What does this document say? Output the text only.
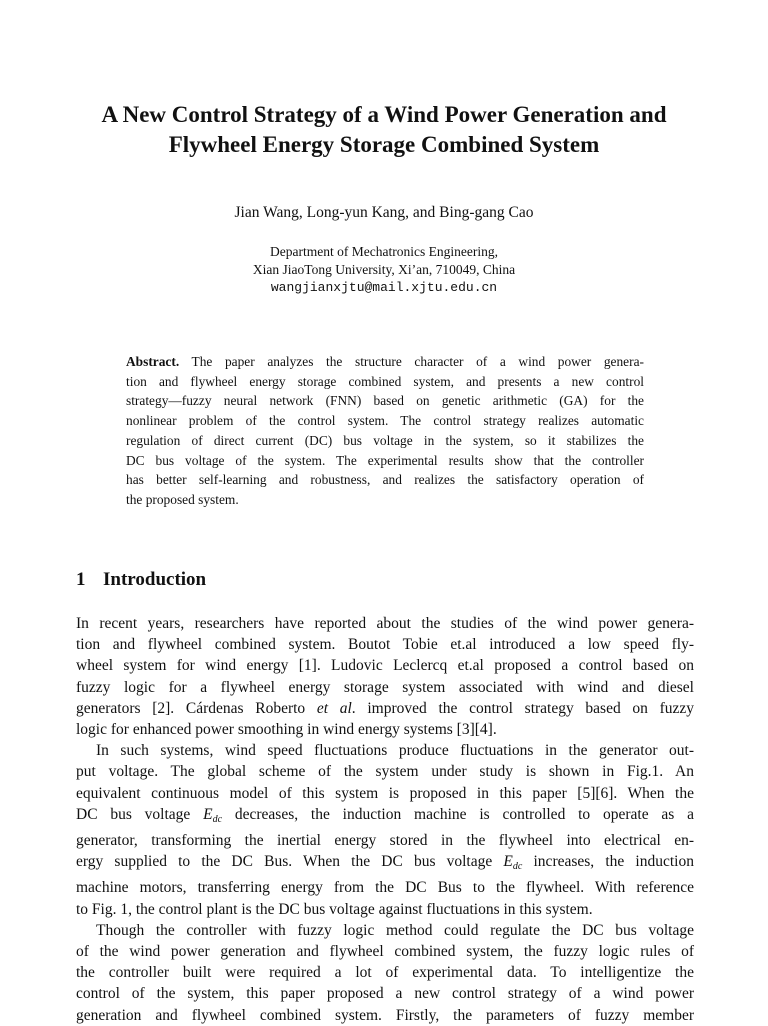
A New Control Strategy of a Wind Power Generation and
Flywheel Energy Storage Combined System
Jian Wang, Long-yun Kang, and Bing-gang Cao
Department of Mechatronics Engineering,
Xian JiaoTong University, Xi’an, 710049, China
wangjianxjtu@mail.xjtu.edu.cn
Abstract. The paper analyzes the structure character of a wind power genera-
tion and flywheel energy storage combined system, and presents a new control
strategy—fuzzy neural network (FNN) based on genetic arithmetic (GA) for the
nonlinear problem of the control system. The control strategy realizes automatic
regulation of direct current (DC) bus voltage in the system, so it stabilizes the
DC bus voltage of the system. The experimental results show that the controller
has better self-learning and robustness, and realizes the satisfactory operation of
the proposed system.
1 Introduction
In recent years, researchers have reported about the studies of the wind power genera-
tion and flywheel combined system. Boutot Tobie et.al introduced a low speed fly-
wheel system for wind energy [1]. Ludovic Leclercq et.al proposed a control based on
fuzzy logic for a flywheel energy storage system associated with wind and diesel
generators [2]. Cárdenas Roberto et al. improved the control strategy based on fuzzy
logic for enhanced power smoothing in wind energy systems [3][4].
In such systems, wind speed fluctuations produce fluctuations in the generator out-
put voltage. The global scheme of the system under study is shown in Fig.1. An
equivalent continuous model of this system is proposed in this paper [5][6]. When the
DC bus voltage $E_{dc}$ decreases, the induction machine is controlled to operate as a
generator, transforming the inertial energy stored in the flywheel into electrical en-
ergy supplied to the DC Bus. When the DC bus voltage $E_{dc}$ increases, the induction
machine motors, transferring energy from the DC Bus to the flywheel. With reference
to Fig. 1, the control plant is the DC bus voltage against fluctuations in this system.
Though the controller with fuzzy logic method could regulate the DC bus voltage
of the wind power generation and flywheel combined system, the fuzzy logic rules of
the controller built were required a lot of experimental data. To intelligentize the
control of the system, this paper proposed a new control strategy of a wind power
generation and flywheel combined system. Firstly, the parameters of fuzzy member
